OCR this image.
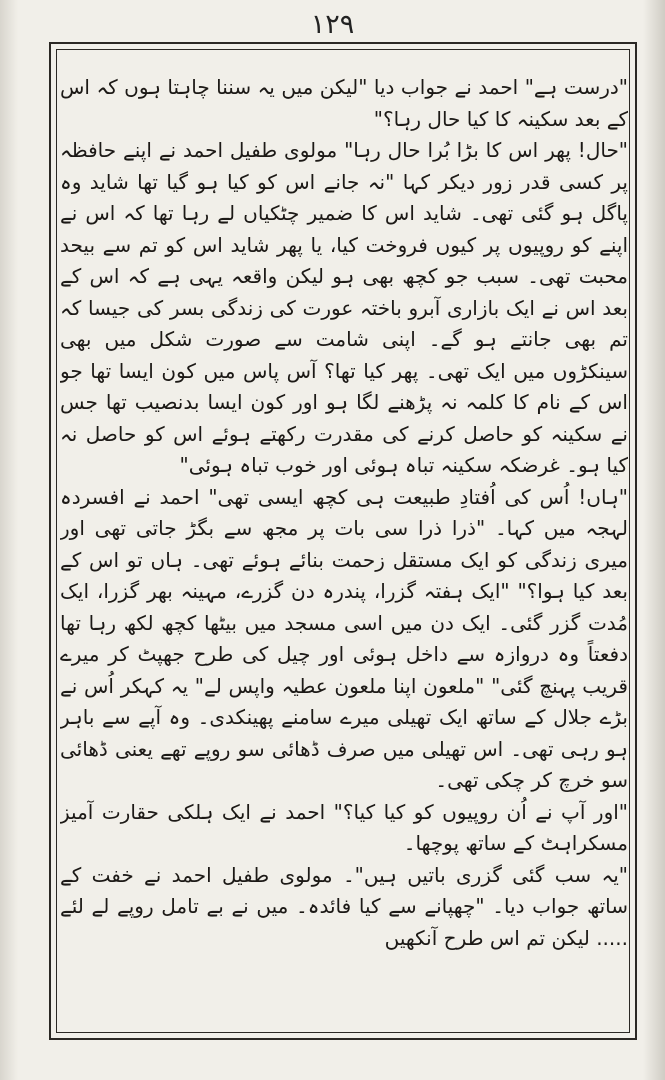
۱۲۹

"درست ہے" احمد نے جواب دیا "لیکن میں یہ سننا چاہتا ہوں کہ اس کے بعد سکینہ کا کیا حال رہا؟"

"حال! پھر اس کا بڑا بُرا حال رہا" مولوی طفیل احمد نے اپنے حافظہ پر کسی قدر زور دیکر کہا "نہ جانے اس کو کیا ہو گیا تھا شاید وہ پاگل ہو گئی تھی۔ شاید اس کا ضمیر چٹکیاں لے رہا تھا کہ اس نے اپنے کو روپیوں پر کیوں فروخت کیا، یا پھر شاید اس کو تم سے بیحد محبت تھی۔ سبب جو کچھ بھی ہو لیکن واقعہ یہی ہے کہ اس کے بعد اس نے ایک بازاری آبرو باختہ عورت کی زندگی بسر کی جیسا کہ تم بھی جانتے ہو گے۔ اپنی شامت سے صورت شکل میں بھی سینکڑوں میں ایک تھی۔ پھر کیا تھا؟ آس پاس میں کون ایسا تھا جو اس کے نام کا کلمہ نہ پڑھنے لگا ہو اور کون ایسا بدنصیب تھا جس نے سکینہ کو حاصل کرنے کی مقدرت رکھتے ہوئے اس کو حاصل نہ کیا ہو۔ غرضکہ سکینہ تباہ ہوئی اور خوب تباہ ہوئی"

"ہاں! اُس کی اُفتادِ طبیعت ہی کچھ ایسی تھی" احمد نے افسردہ لہجہ میں کہا۔ "ذرا ذرا سی بات پر مجھ سے بگڑ جاتی تھی اور میری زندگی کو ایک مستقل زحمت بنائے ہوئے تھی۔ ہاں تو اس کے بعد کیا ہوا؟" "ایک ہفتہ گزرا، پندرہ دن گزرے، مہینہ بھر گزرا، ایک مُدت گزر گئی۔ ایک دن میں اسی مسجد میں بیٹھا کچھ لکھ رہا تھا دفعتاً وہ دروازہ سے داخل ہوئی اور چیل کی طرح جھپٹ کر میرے قریب پہنچ گئی" "ملعون اپنا ملعون عطیہ واپس لے" یہ کہکر اُس نے بڑے جلال کے ساتھ ایک تھیلی میرے سامنے پھینکدی۔ وہ آپے سے باہر ہو رہی تھی۔ اس تھیلی میں صرف ڈھائی سو روپے تھے یعنی ڈھائی سو خرچ کر چکی تھی۔

"اور آپ نے اُن روپیوں کو کیا کیا؟" احمد نے ایک ہلکی حقارت آمیز مسکراہٹ کے ساتھ پوچھا۔

"یہ سب گئی گزری باتیں ہیں"۔ مولوی طفیل احمد نے خفت کے ساتھ جواب دیا۔ "چھپانے سے کیا فائدہ۔ میں نے بے تامل روپے لے لئے ..... لیکن تم اس طرح آنکھیں
